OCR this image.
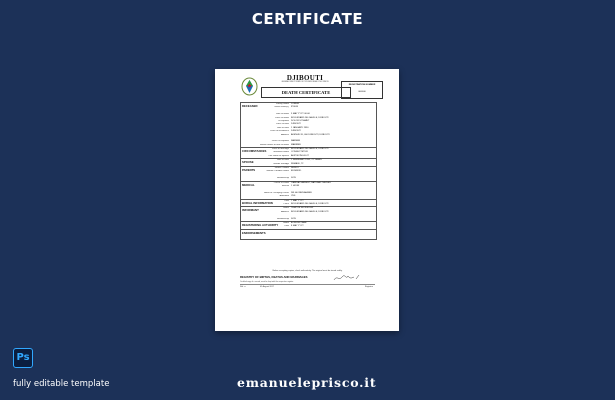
CERTIFICATE
DJIBOUTI
GENERAL DIRECTORATE OF POPULATION AND CIVIL STATUS
DEATH CERTIFICATE
REGISTRATION NUMBER
000000
DECEASED	Family Name LOREM
Given Name(s) IPSUM
Date of death 5 MAY YYYY 00:00
Place of death BOULEVARD DE GAULLE, DJIBOUTI
Occupation DOLOR SIT AMET
Place of Birth DJIBOUTI
Date of Birth 1 JANUARY 1950
Place of Residence DJIBOUTI
Address AVENUE 26, 000 DJIBOUTI, DJIBOUTI
Usual Occupation FARMER
Marital Status at time of death MARRIED
CIRCUMSTANCES	Place of Marriage BOULEVARD DE GAULLE, DJIBOUTI
Informant Name CONSECTETUR
Full Name of Spouse ADIPISCING ELIT
SPOUSE	Date of Birth 1 FEBRUARY 1952, 72 YEARS
Gender and Age FEMALE, 72
PARENTS	Father's Name SEDDO
Mother's Maiden Name EIUSMOD
Relationship SON
MEDICAL	Cause of Death CARDIAC ARREST, NATURAL CAUSES
Interval 1 HOUR
Name of Certifying Doctor DR. ALI BEN AHMED
Attendant YES
BURIAL INFORMATION	Date 7 MAY YYYY
Place BOULEVARD DE GAULLE, DJIBOUTI
INFORMANT	Name TEMPOR INCIDIDUNT
Address BOULEVARD DE GAULLE, DJIBOUTI
Relationship SON
REGISTERING AUTHORITY	Name A. REGISTRAR
Date 8 MAY YYYY
ENDORSEMENTS
Before accepting copies, check authenticity. The original must be stored safely.
REGISTRY OF BIRTHS, DEATHS AND MARRIAGES
Certified copy of a record, must be kept with the respective register.
Ref. n.	01 August 2017	Registrar
Ps
fully editable template	emanueleprisco.it
